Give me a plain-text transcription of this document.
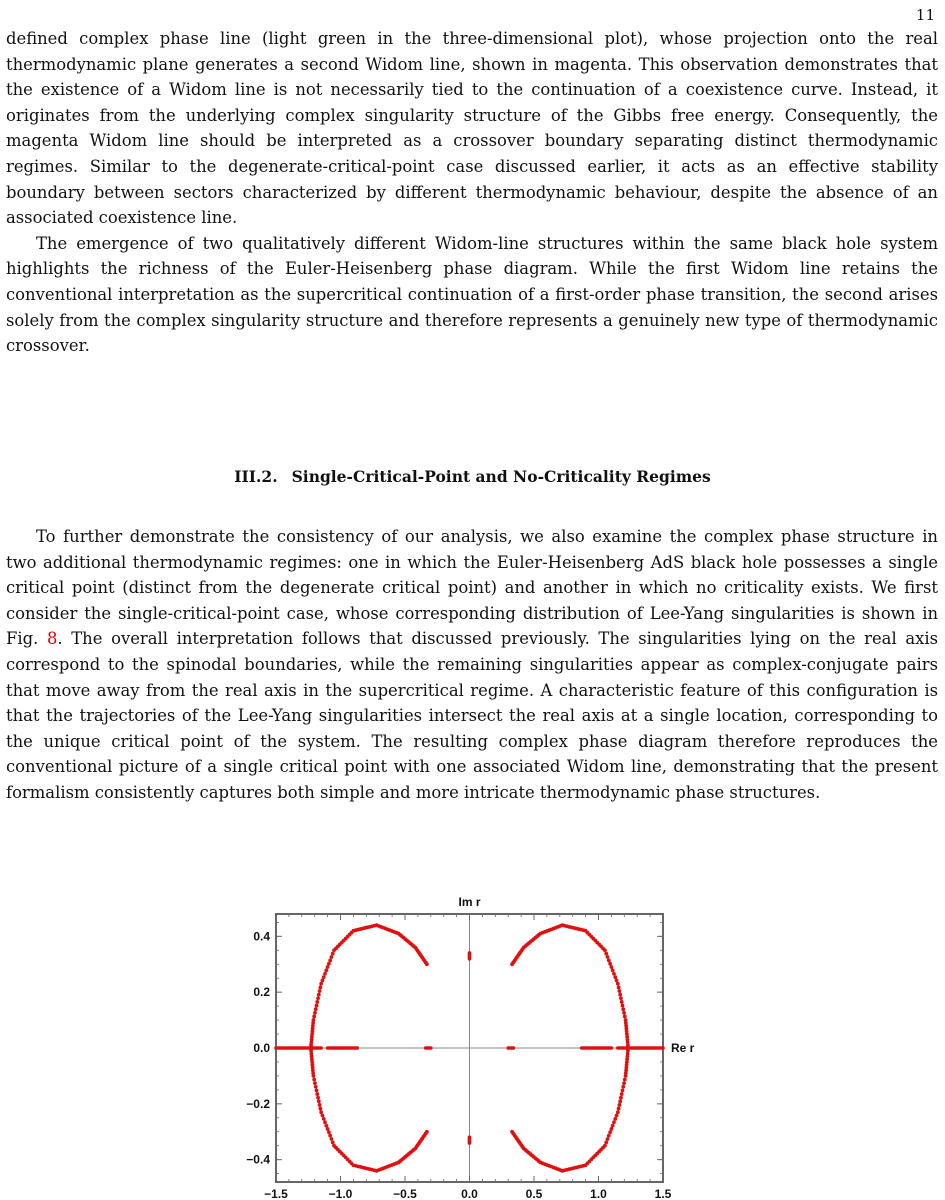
11

defined complex phase line (light green in the three-dimensional plot), whose projection onto the real thermodynamic plane generates a second Widom line, shown in magenta. This observation demonstrates that the existence of a Widom line is not necessarily tied to the continuation of a coexistence curve. Instead, it originates from the underlying complex singularity structure of the Gibbs free energy. Consequently, the magenta Widom line should be interpreted as a crossover boundary separating distinct thermodynamic regimes. Similar to the degenerate-critical-point case discussed earlier, it acts as an effective stability boundary between sectors characterized by different thermodynamic behaviour, despite the absence of an associated coexistence line.

The emergence of two qualitatively different Widom-line structures within the same black hole system highlights the richness of the Euler-Heisenberg phase diagram. While the first Widom line retains the conventional interpretation as the supercritical continuation of a first-order phase transition, the second arises solely from the complex singularity structure and therefore represents a genuinely new type of thermodynamic crossover.

III.2. Single-Critical-Point and No-Criticality Regimes

To further demonstrate the consistency of our analysis, we also examine the complex phase structure in two additional thermodynamic regimes: one in which the Euler-Heisenberg AdS black hole possesses a single critical point (distinct from the degenerate critical point) and another in which no criticality exists. We first consider the single-critical-point case, whose corresponding distribution of Lee-Yang singularities is shown in Fig. 8. The overall interpretation follows that discussed previously. The singularities lying on the real axis correspond to the spinodal boundaries, while the remaining singularities appear as complex-conjugate pairs that move away from the real axis in the supercritical regime. A characteristic feature of this configuration is that the trajectories of the Lee-Yang singularities intersect the real axis at a single location, corresponding to the unique critical point of the system. The resulting complex phase diagram therefore reproduces the conventional picture of a single critical point with one associated Widom line, demonstrating that the present formalism consistently captures both simple and more intricate thermodynamic phase structures.

−1.5	−1.0	−0.5	0.0	0.5	1.0	1.5
0.4
0.2
0.0
−0.2
−0.4
Im r
Re r
